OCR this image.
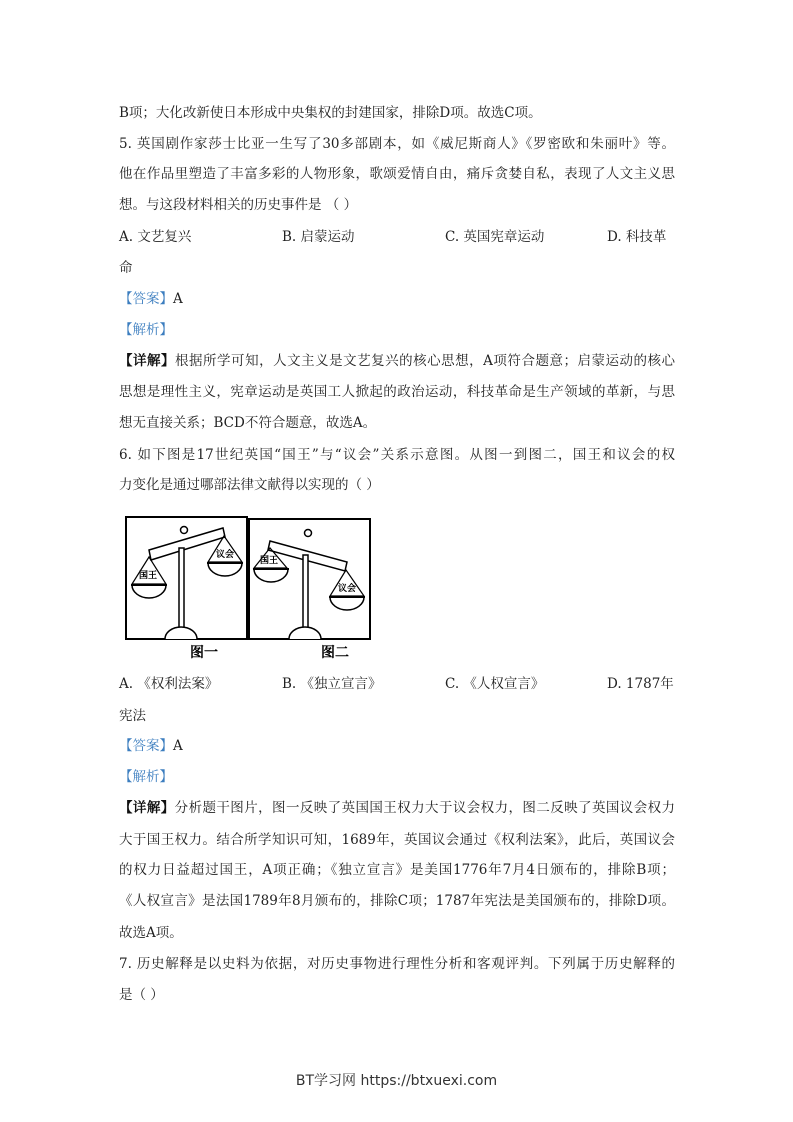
B项；大化改新使日本形成中央集权的封建国家，排除D项。故选C项。
5. 英国剧作家莎士比亚一生写了30多部剧本，如《威尼斯商人》《罗密欧和朱丽叶》等。
他在作品里塑造了丰富多彩的人物形象，歌颂爱情自由，痛斥贪婪自私，表现了人文主义思
想。与这段材料相关的历史事件是 （ ）
A. 文艺复兴	B. 启蒙运动	C. 英国宪章运动	D. 科技革
命
【答案】A
【解析】
【详解】根据所学可知，人文主义是文艺复兴的核心思想，A项符合题意；启蒙运动的核心
思想是理性主义，宪章运动是英国工人掀起的政治运动，科技革命是生产领域的革新，与思
想无直接关系；BCD不符合题意，故选A。
6. 如下图是17世纪英国“国王”与“议会”关系示意图。从图一到图二，国王和议会的权
力变化是通过哪部法律文献得以实现的（ ）
国王
议会
国王
议会
图一	图二
A. 《权利法案》	B. 《独立宣言》	C. 《人权宣言》	D. 1787年
宪法
【答案】A
【解析】
【详解】分析题干图片，图一反映了英国国王权力大于议会权力，图二反映了英国议会权力
大于国王权力。结合所学知识可知，1689年，英国议会通过《权利法案》，此后，英国议会
的权力日益超过国王，A项正确；《独立宣言》是美国1776年7月4日颁布的，排除B项；
《人权宣言》是法国1789年8月颁布的，排除C项；1787年宪法是美国颁布的，排除D项。
故选A项。
7. 历史解释是以史料为依据，对历史事物进行理性分析和客观评判。下列属于历史解释的
是（ ）
BT学习网 https://btxuexi.com
